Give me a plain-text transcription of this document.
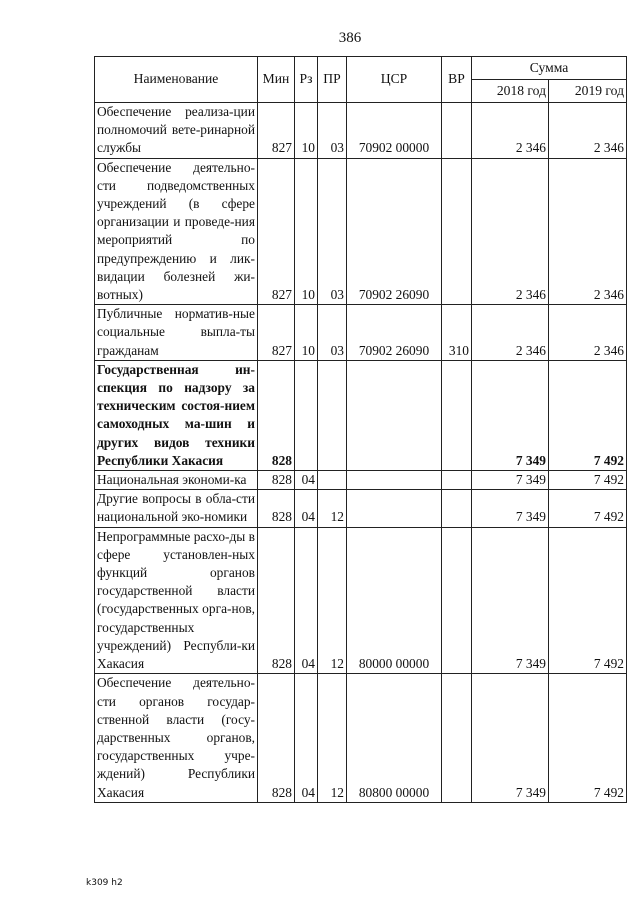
386
Наименование	Мин	Рз	ПР	ЦСР	ВР	Сумма	
						2018 год	2019 год
Обеспечение реализа-ции полномочий вете-ринарной службы	827	10	03	70902 00000		2 346	2 346
Обеспечение деятельно-сти подведомственных учреждений (в сфере организации и проведе-ния мероприятий по предупреждению и лик-видации болезней жи-вотных)	827	10	03	70902 26090		2 346	2 346
Публичные норматив-ные социальные выпла-ты гражданам	827	10	03	70902 26090	310	2 346	2 346
Государственная ин-спекция по надзору за техническим состоя-нием самоходных ма-шин и других видов техники Республики Хакасия	828					7 349	7 492
Национальная экономи-ка	828	04				7 349	7 492
Другие вопросы в обла-сти национальной эко-номики	828	04	12			7 349	7 492
Непрограммные расхо-ды в сфере установлен-ных функций органов государственной власти (государственных орга-нов, государственных учреждений) Республи-ки Хакасия	828	04	12	80000 00000		7 349	7 492
Обеспечение деятельно-сти органов государ-ственной власти (госу-дарственных органов, государственных учре-ждений) Республики Хакасия	828	04	12	80800 00000		7 349	7 492
k309 h2
